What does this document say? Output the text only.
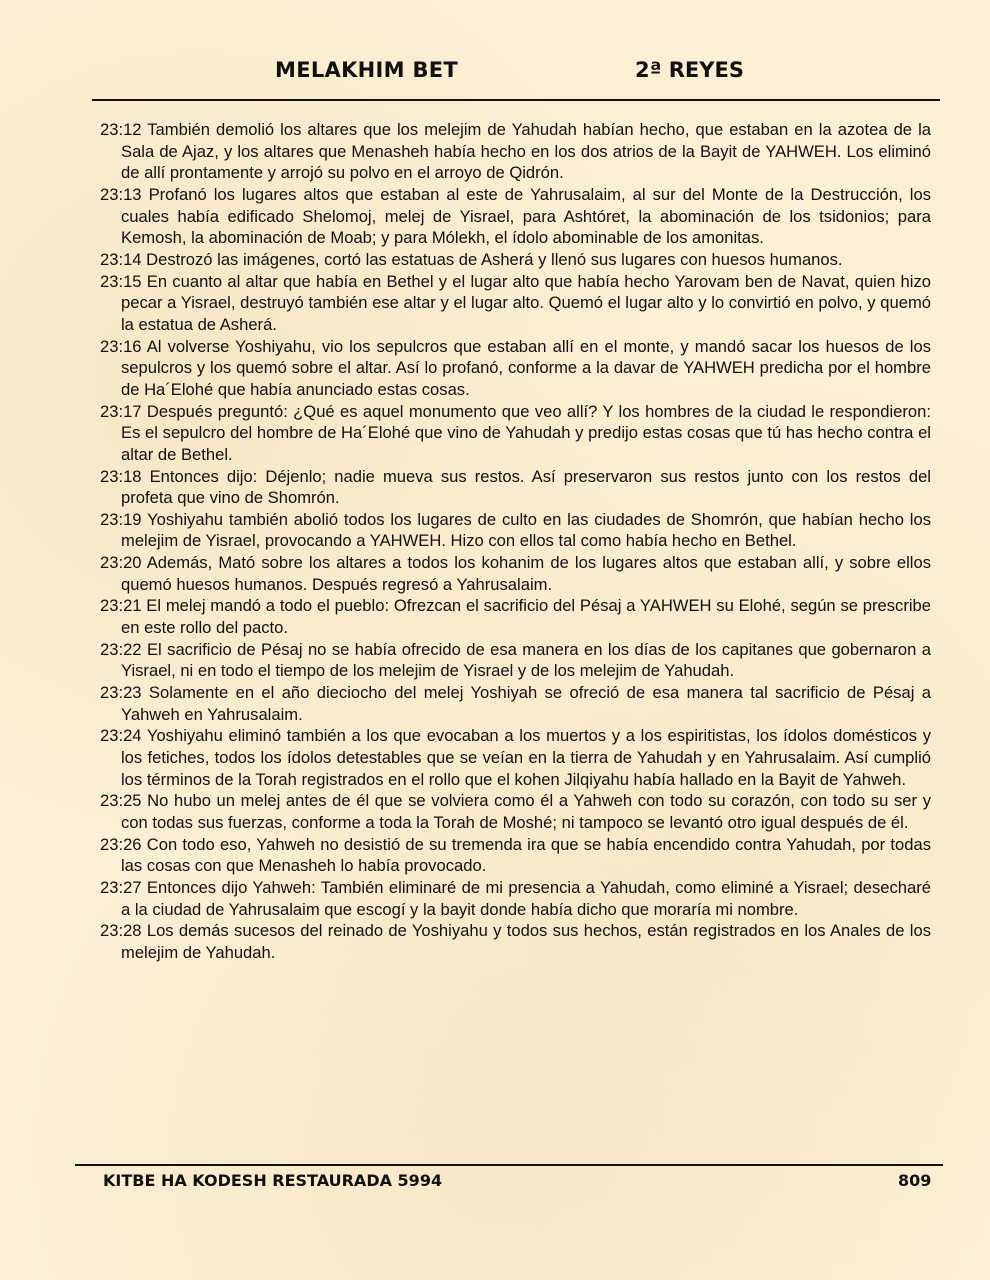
MELAKHIM BET	2ª REYES

23:12 También demolió los altares que los melejim de Yahudah habían hecho, que estaban en la azotea de la Sala de Ajaz, y los altares que Menasheh había hecho en los dos atrios de la Bayit de YAHWEH. Los eliminó de allí prontamente y arrojó su polvo en el arroyo de Qidrón.

23:13 Profanó los lugares altos que estaban al este de Yahrusalaim, al sur del Monte de la Destrucción, los cuales había edificado Shelomoj, melej de Yisrael, para Ashtóret, la abominación de los tsidonios; para Kemosh, la abominación de Moab; y para Mólekh, el ídolo abominable de los amonitas.

23:14 Destrozó las imágenes, cortó las estatuas de Asherá y llenó sus lugares con huesos humanos.

23:15 En cuanto al altar que había en Bethel y el lugar alto que había hecho Yarovam ben de Navat, quien hizo pecar a Yisrael, destruyó también ese altar y el lugar alto. Quemó el lugar alto y lo convirtió en polvo, y quemó la estatua de Asherá.

23:16 Al volverse Yoshiyahu, vio los sepulcros que estaban allí en el monte, y mandó sacar los huesos de los sepulcros y los quemó sobre el altar. Así lo profanó, conforme a la davar de YAHWEH predicha por el hombre de Ha´Elohé que había anunciado estas cosas.

23:17 Después preguntó: ¿Qué es aquel monumento que veo allí? Y los hombres de la ciudad le respondieron: Es el sepulcro del hombre de Ha´Elohé que vino de Yahudah y predijo estas cosas que tú has hecho contra el altar de Bethel.

23:18 Entonces dijo: Déjenlo; nadie mueva sus restos. Así preservaron sus restos junto con los restos del profeta que vino de Shomrón.

23:19 Yoshiyahu también abolió todos los lugares de culto en las ciudades de Shomrón, que habían hecho los melejim de Yisrael, provocando a YAHWEH. Hizo con ellos tal como había hecho en Bethel.

23:20 Además, Mató sobre los altares a todos los kohanim de los lugares altos que estaban allí, y sobre ellos quemó huesos humanos. Después regresó a Yahrusalaim.

23:21 El melej mandó a todo el pueblo: Ofrezcan el sacrificio del Pésaj a YAHWEH su Elohé, según se prescribe en este rollo del pacto.

23:22 El sacrificio de Pésaj no se había ofrecido de esa manera en los días de los capitanes que gobernaron a Yisrael, ni en todo el tiempo de los melejim de Yisrael y de los melejim de Yahudah.

23:23 Solamente en el año dieciocho del melej Yoshiyah se ofreció de esa manera tal sacrificio de Pésaj a Yahweh en Yahrusalaim.

23:24 Yoshiyahu eliminó también a los que evocaban a los muertos y a los espiritistas, los ídolos domésticos y los fetiches, todos los ídolos detestables que se veían en la tierra de Yahudah y en Yahrusalaim. Así cumplió los términos de la Torah registrados en el rollo que el kohen Jilqiyahu había hallado en la Bayit de Yahweh.

23:25 No hubo un melej antes de él que se volviera como él a Yahweh con todo su corazón, con todo su ser y con todas sus fuerzas, conforme a toda la Torah de Moshé; ni tampoco se levantó otro igual después de él.

23:26 Con todo eso, Yahweh no desistió de su tremenda ira que se había encendido contra Yahudah, por todas las cosas con que Menasheh lo había provocado.

23:27 Entonces dijo Yahweh: También eliminaré de mi presencia a Yahudah, como eliminé a Yisrael; desecharé a la ciudad de Yahrusalaim que escogí y la bayit donde había dicho que moraría mi nombre.

23:28 Los demás sucesos del reinado de Yoshiyahu y todos sus hechos, están registrados en los Anales de los melejim de Yahudah.

KITBE HA KODESH RESTAURADA 5994	809
